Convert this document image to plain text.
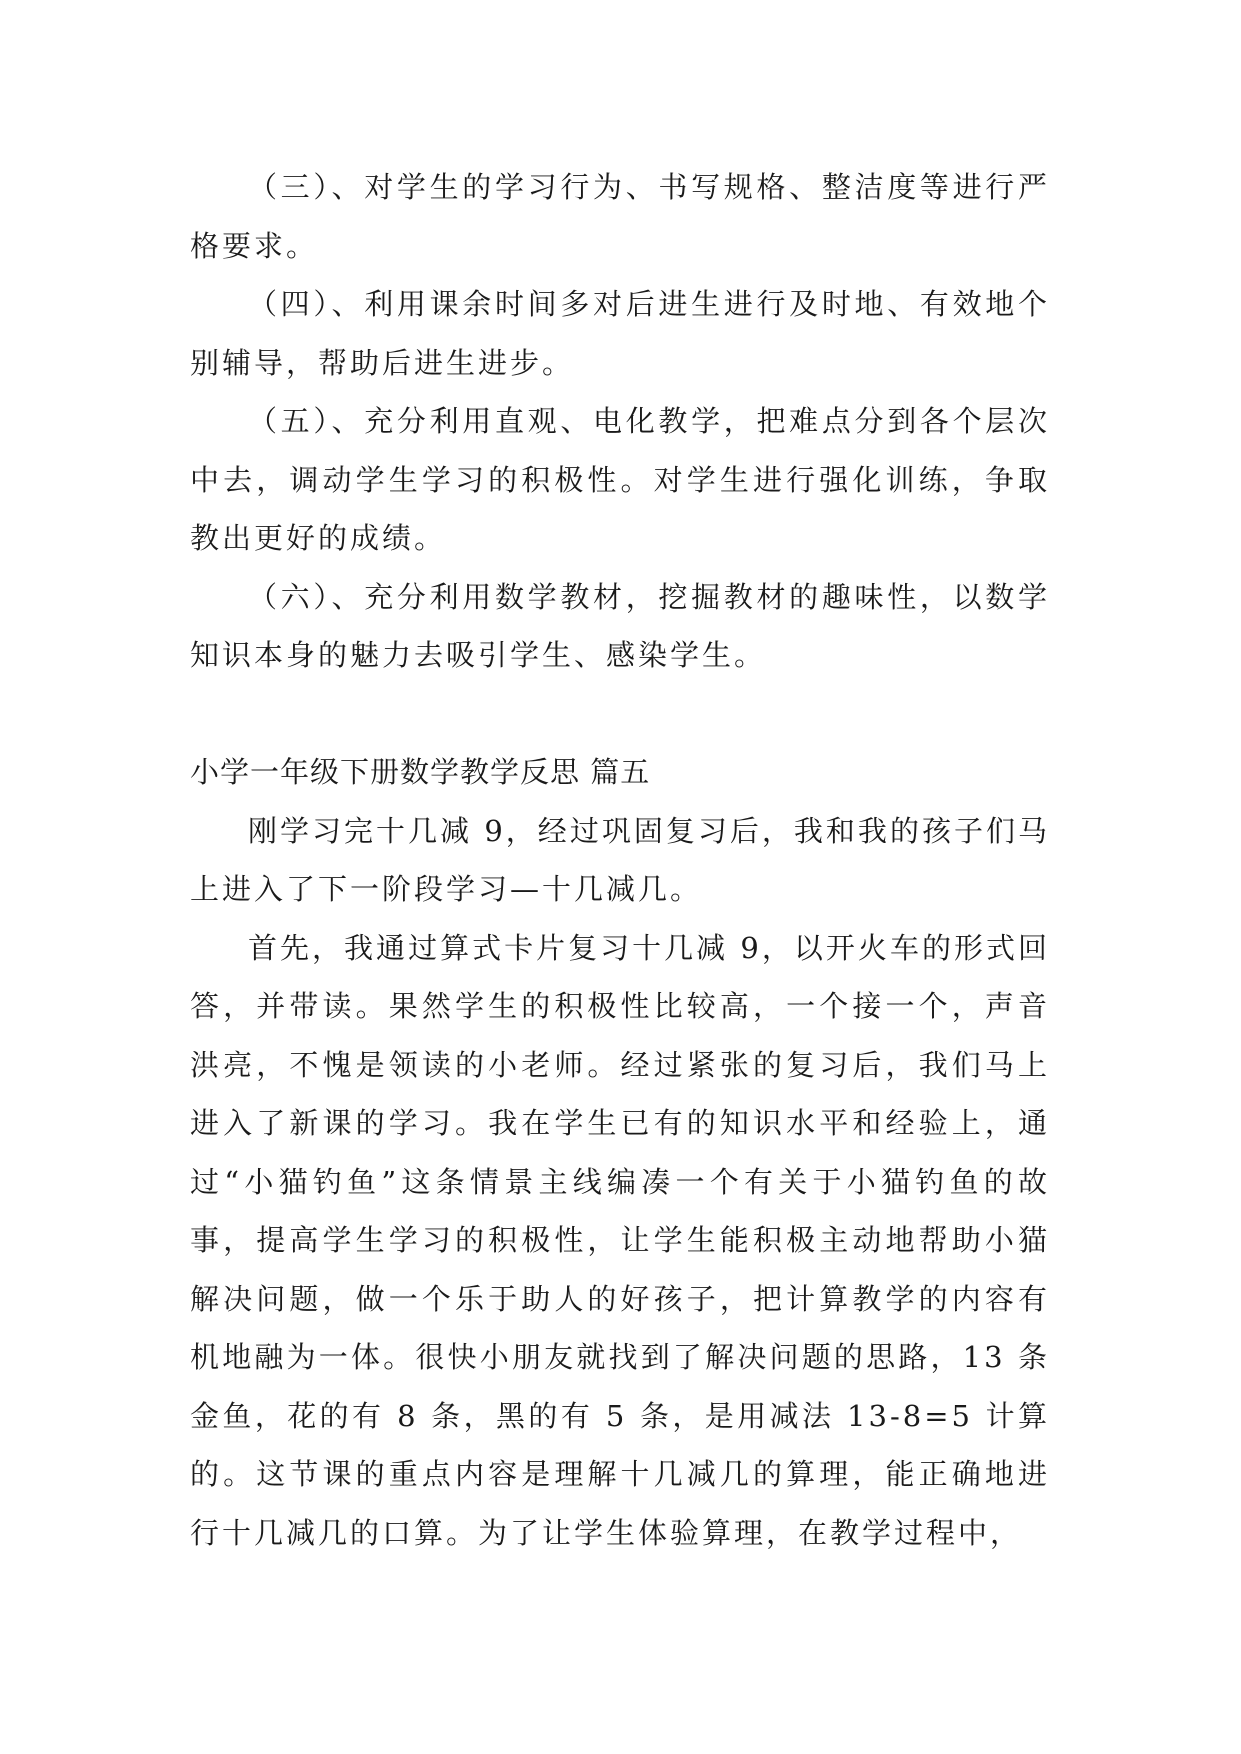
（三）、对学生的学习行为、书写规格、整洁度等进行严格要求。

（四）、利用课余时间多对后进生进行及时地、有效地个别辅导，帮助后进生进步。

（五）、充分利用直观、电化教学，把难点分到各个层次中去，调动学生学习的积极性。对学生进行强化训练，争取教出更好的成绩。

（六）、充分利用数学教材，挖掘教材的趣味性，以数学知识本身的魅力去吸引学生、感染学生。

小学一年级下册数学教学反思 篇五

刚学习完十几减 9，经过巩固复习后，我和我的孩子们马上进入了下一阶段学习—十几减几。

首先，我通过算式卡片复习十几减 9，以开火车的形式回答，并带读。果然学生的积极性比较高，一个接一个，声音洪亮，不愧是领读的小老师。经过紧张的复习后，我们马上进入了新课的学习。我在学生已有的知识水平和经验上，通过“小猫钓鱼”这条情景主线编凑一个有关于小猫钓鱼的故事，提高学生学习的积极性，让学生能积极主动地帮助小猫解决问题，做一个乐于助人的好孩子，把计算教学的内容有机地融为一体。很快小朋友就找到了解决问题的思路，13 条金鱼，花的有 8 条，黑的有 5 条，是用减法 13-8=5 计算的。这节课的重点内容是理解十几减几的算理，能正确地进行十几减几的口算。为了让学生体验算理，在教学过程中，
